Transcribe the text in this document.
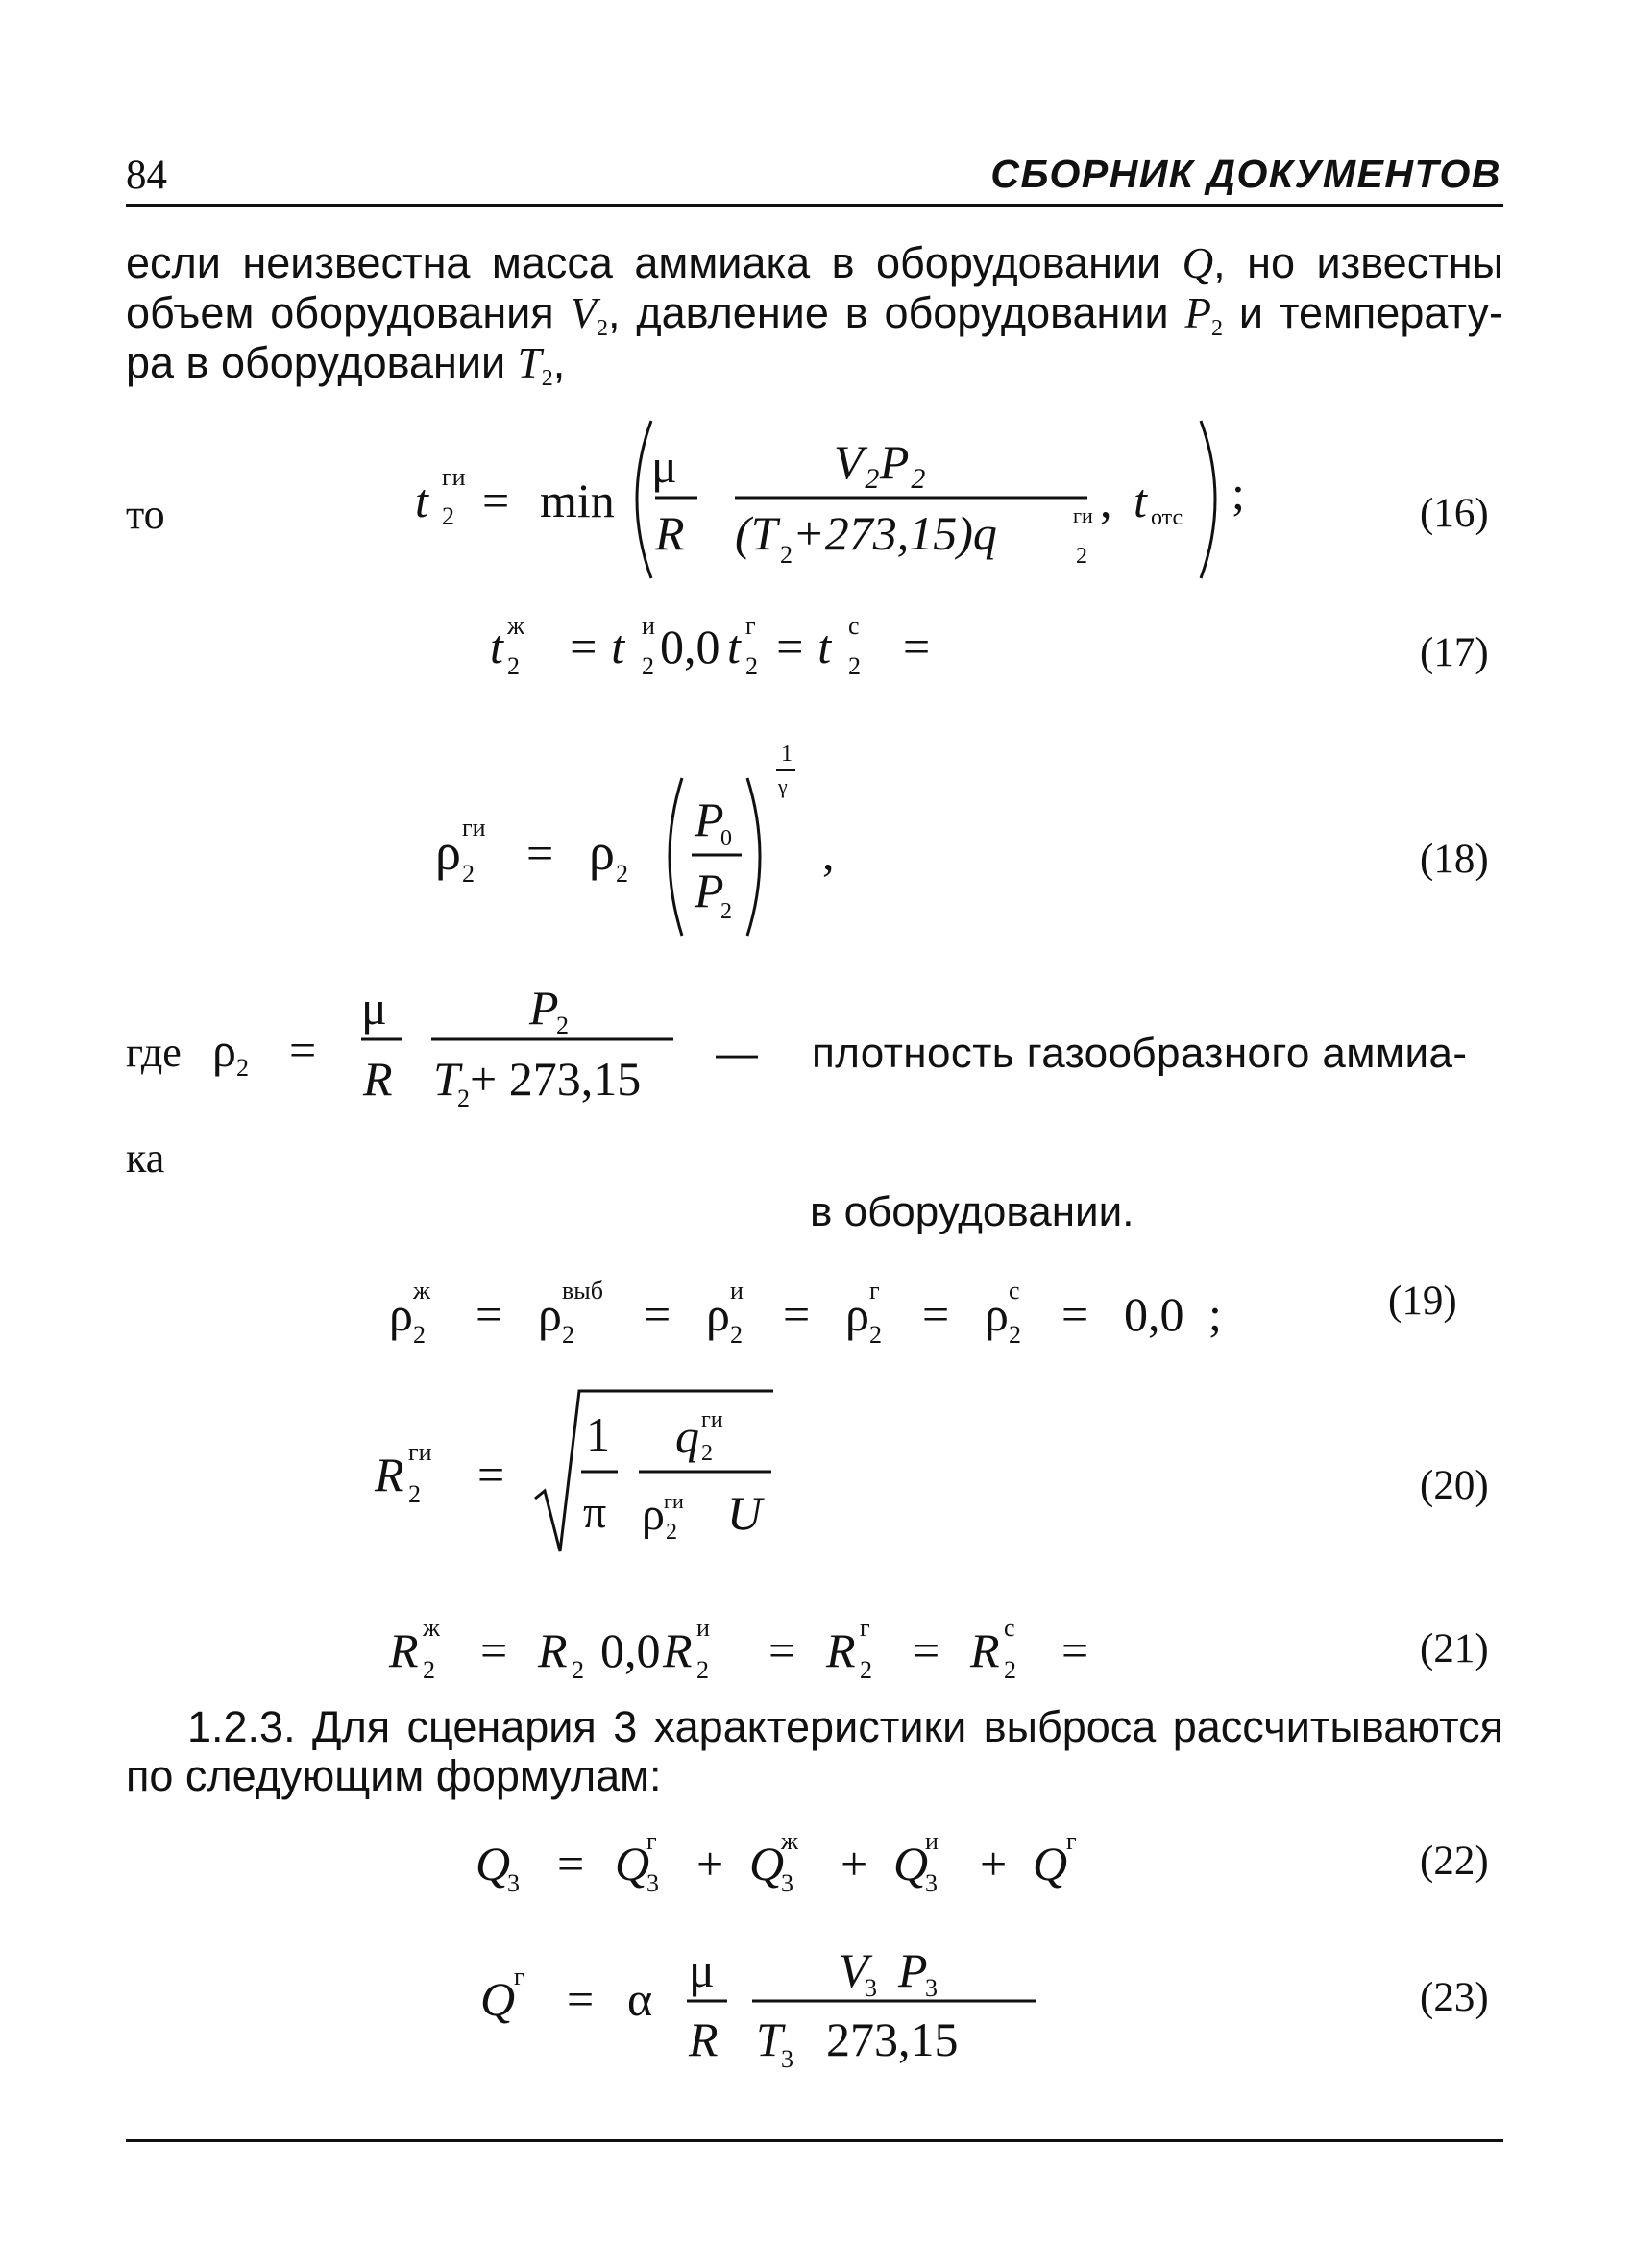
84	СБОРНИК ДОКУМЕНТОВ
если неизвестна масса аммиака в оборудовании Q, но известны
объем оборудования $V_2$, давление в оборудовании $P_2$ и температу-
ра в оборудовании $T_2$,
то	t 2
ги = min
μ
R
V₂P₂
(T 2 +273,15)q	2
ги , t отс ;	(16)
t 2
ж = t 2
и 0,0 t 2
г = t 2
с =	(17)
ρ 2
ги = ρ 2
P
0
P
2
1
γ
,	(18)
где ρ 2 =
μ
R
P
2
T
2 + 273,15 — плотность газообразного аммиа-
ка
в оборудовании.
ρ 2
ж = ρ 2
выб = ρ 2
и = ρ 2
г = ρ 2
с = 0,0 ;	(19)
R 2
ги =
1
π
q 2
ги
ρ 2
ги U
(20)
R 2
ж = R 2 0,0 R 2
и = R 2
г = R 2
с =	(21)
1.2.3. Для сценария 3 характеристики выброса рассчитываются
по следующим формулам:
Q
3 = Q
3
г + Q
3
ж + Q
3
и + Q
г	(22)
Q
г = α
μ
R
V
3 P
3
T
3 273,15
(23)
